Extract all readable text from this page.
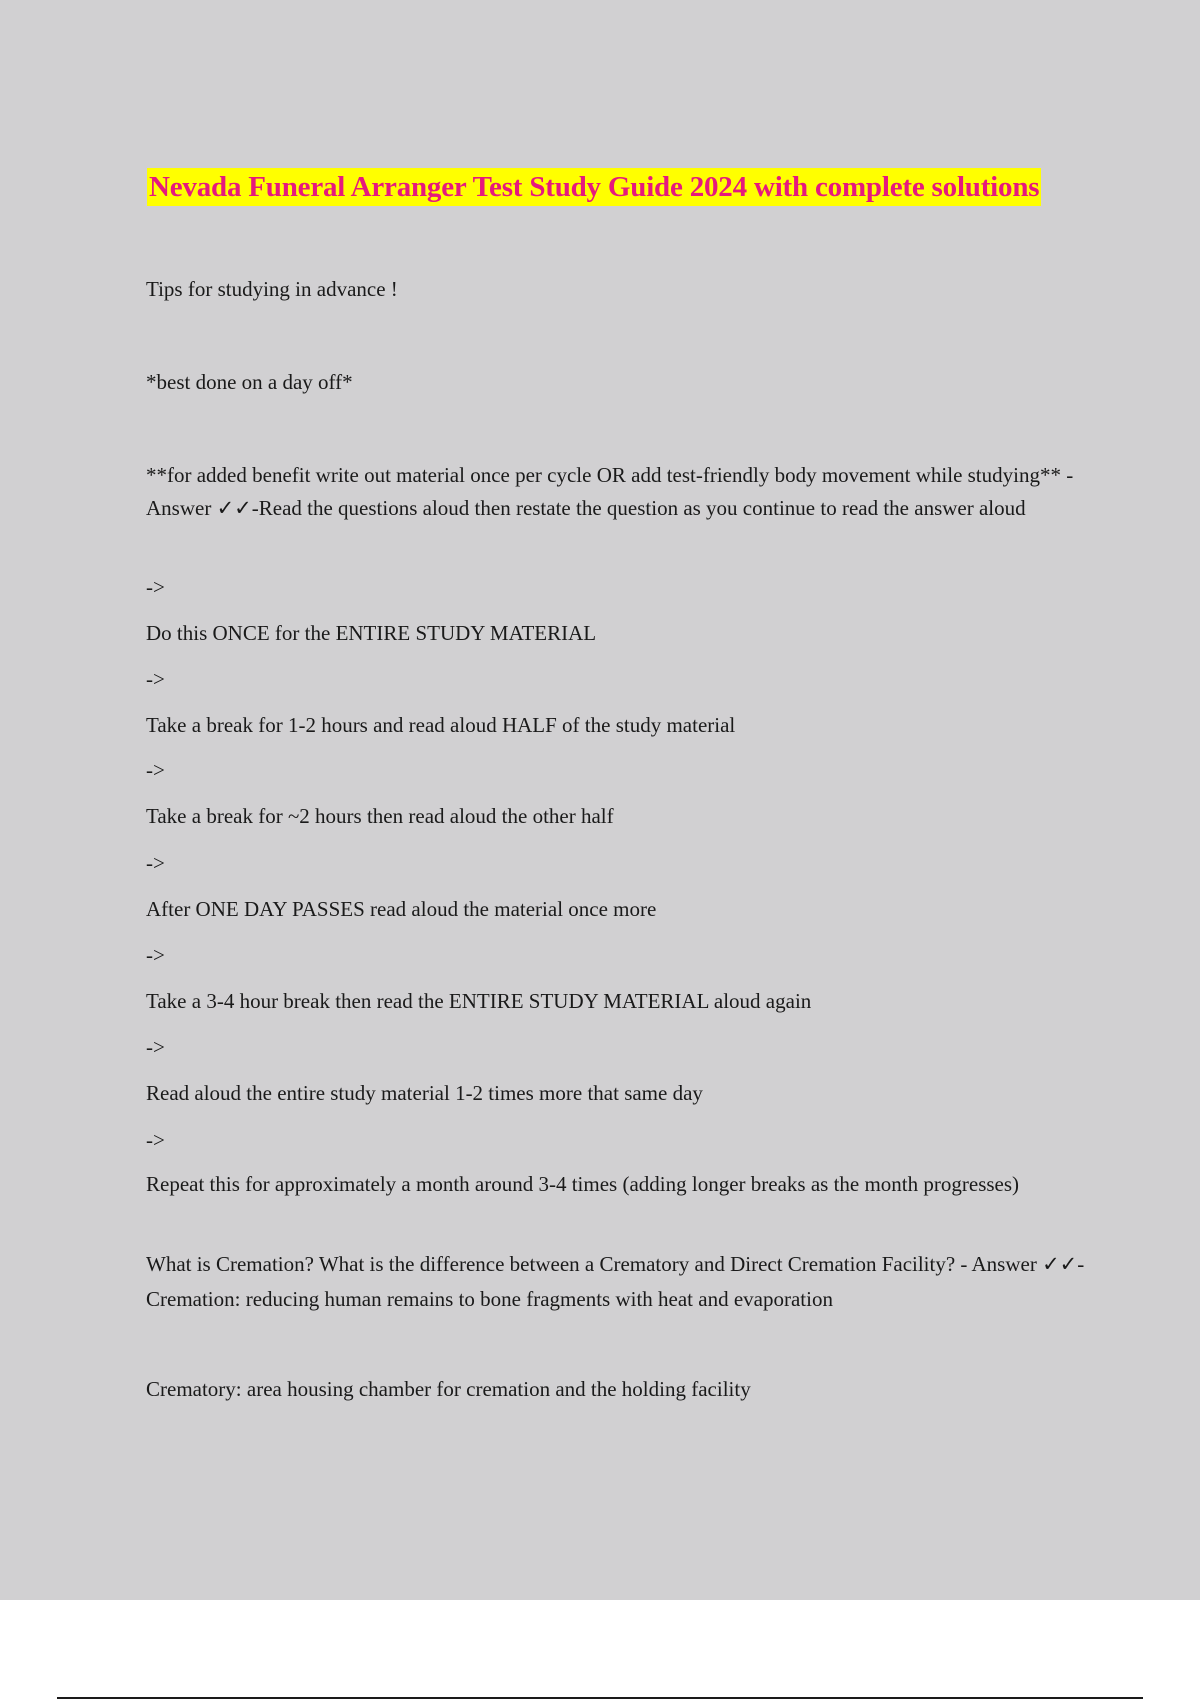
Nevada Funeral Arranger Test Study Guide 2024 with complete solutions

Tips for studying in advance !

*best done on a day off*

**for added benefit write out material once per cycle OR add test-friendly body movement while studying** - Answer ✓✓-Read the questions aloud then restate the question as you continue to read the answer aloud

->

Do this ONCE for the ENTIRE STUDY MATERIAL

->

Take a break for 1-2 hours and read aloud HALF of the study material

->

Take a break for ~2 hours then read aloud the other half

->

After ONE DAY PASSES read aloud the material once more

->

Take a 3-4 hour break then read the ENTIRE STUDY MATERIAL aloud again

->

Read aloud the entire study material 1-2 times more that same day

->

Repeat this for approximately a month around 3-4 times (adding longer breaks as the month progresses)

What is Cremation? What is the difference between a Crematory and Direct Cremation Facility? - Answer ✓✓-Cremation: reducing human remains to bone fragments with heat and evaporation

Crematory: area housing chamber for cremation and the holding facility
